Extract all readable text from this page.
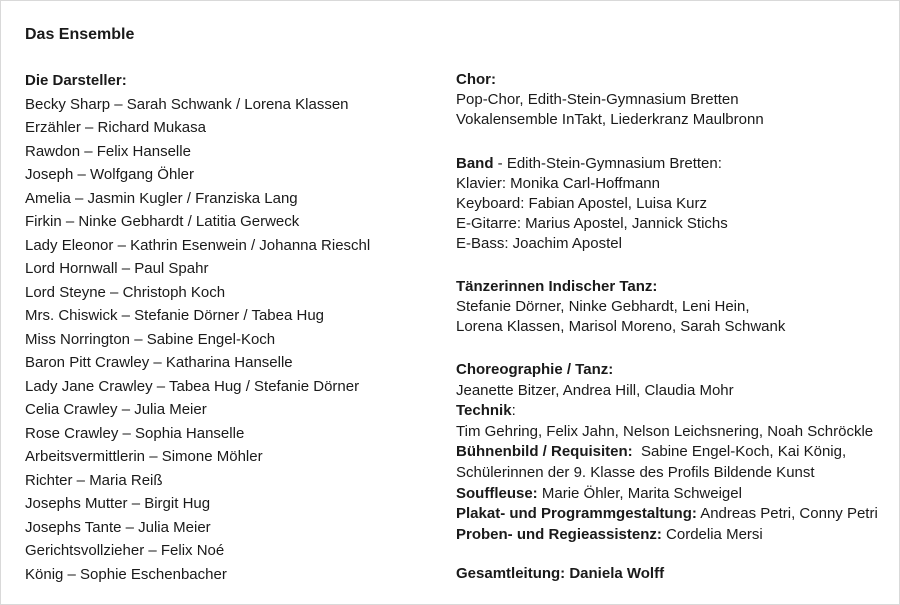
Das Ensemble
Die Darsteller:
Becky Sharp – Sarah Schwank / Lorena Klassen
Erzähler – Richard Mukasa
Rawdon – Felix Hanselle
Joseph – Wolfgang Öhler
Amelia – Jasmin Kugler / Franziska Lang
Firkin – Ninke Gebhardt / Latitia Gerweck
Lady Eleonor – Kathrin Esenwein / Johanna Rieschl
Lord Hornwall – Paul Spahr
Lord Steyne – Christoph Koch
Mrs. Chiswick – Stefanie Dörner / Tabea Hug
Miss Norrington – Sabine Engel-Koch
Baron Pitt Crawley – Katharina Hanselle
Lady Jane Crawley – Tabea Hug / Stefanie Dörner
Celia Crawley – Julia Meier
Rose Crawley – Sophia Hanselle
Arbeitsvermittlerin – Simone Möhler
Richter – Maria Reiß
Josephs Mutter – Birgit Hug
Josephs Tante – Julia Meier
Gerichtsvollzieher – Felix Noé
König – Sophie Eschenbacher
Chor:
Pop-Chor, Edith-Stein-Gymnasium Bretten
Vokalensemble InTakt, Liederkranz Maulbronn
Band - Edith-Stein-Gymnasium Bretten:
Klavier: Monika Carl-Hoffmann
Keyboard: Fabian Apostel, Luisa Kurz
E-Gitarre: Marius Apostel, Jannick Stichs
E-Bass: Joachim Apostel
Tänzerinnen Indischer Tanz:
Stefanie Dörner, Ninke Gebhardt, Leni Hein,
Lorena Klassen, Marisol Moreno, Sarah Schwank
Choreographie / Tanz:
Jeanette Bitzer, Andrea Hill, Claudia Mohr
Technik:
Tim Gehring, Felix Jahn, Nelson Leichsnering, Noah Schröckle
Bühnenbild / Requisiten:  Sabine Engel-Koch, Kai König,
Schülerinnen der 9. Klasse des Profils Bildende Kunst
Souffleuse: Marie Öhler, Marita Schweigel
Plakat- und Programmgestaltung: Andreas Petri, Conny Petri
Proben- und Regieassistenz: Cordelia Mersi
Gesamtleitung: Daniela Wolff
